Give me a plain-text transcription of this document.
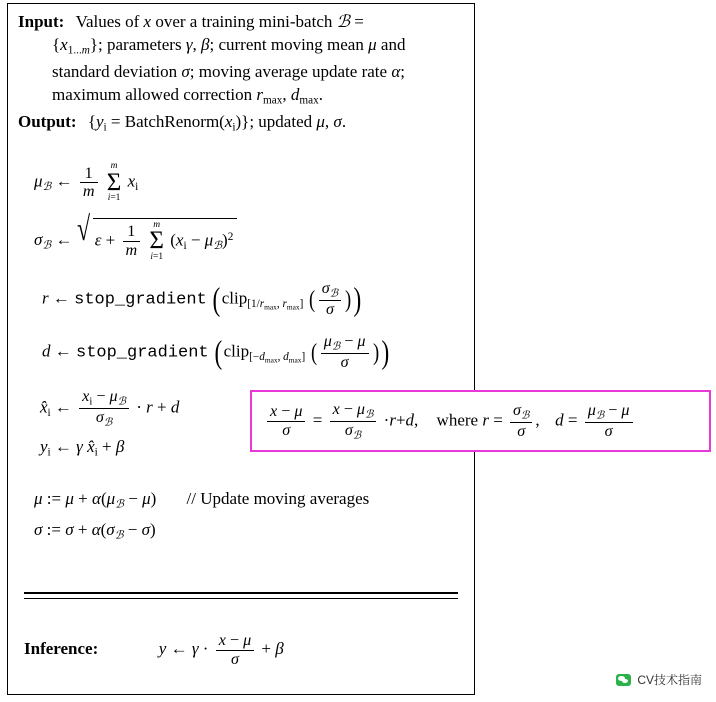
Input: Values of x over a training mini-batch ℬ =
$\{x_{1...m}\}$; parameters γ, β; current moving mean μ and
standard deviation σ; moving average update rate α;
maximum allowed correction $r_{max}$, $d_{max}$.
Output: {$y_i$ = $BatchRenorm(x_i)$}; updated μ, σ.
$\mu_ℬ$ ← $\frac{1}{m}$
	m
Σ
i=1
$x_i$
$\sigma_ℬ$ ← √ $\varepsilon + \frac{1}{m}$
	m
Σ
i=1
$(x_i - \mu_ℬ)^2$
r ← stop_gradient (clip$_{[1/r_{max}, r_{max}]}$ ( $\frac{\sigma_ℬ}{\sigma}$ ))
d ← stop_gradient (clip$_{[-d_{max}, d_{max}]}$ ( $\frac{\mu_ℬ - \mu}{\sigma}$ ))
$x̂_i$ ← $\frac{x_i - \mu_ℬ}{\sigma_ℬ} \cdot r + d$
$y_i$ ← γ $x̂_i + \beta$
μ := $\mu + \alpha(\mu_ℬ - \mu)$ // Update moving averages
σ := $\sigma + \alpha(\sigma_ℬ - \sigma)$
Inference:	y ← $\gamma \cdot \frac{x - \mu}{\sigma} + \beta$
$\frac{x - \mu}{\sigma} = \frac{x - \mu_ℬ}{\sigma_ℬ} \cdot r+d$, where $r = \frac{\sigma_ℬ}{\sigma}$ ,  $d = \frac{\mu_ℬ - \mu}{\sigma}$
CV技术指南
